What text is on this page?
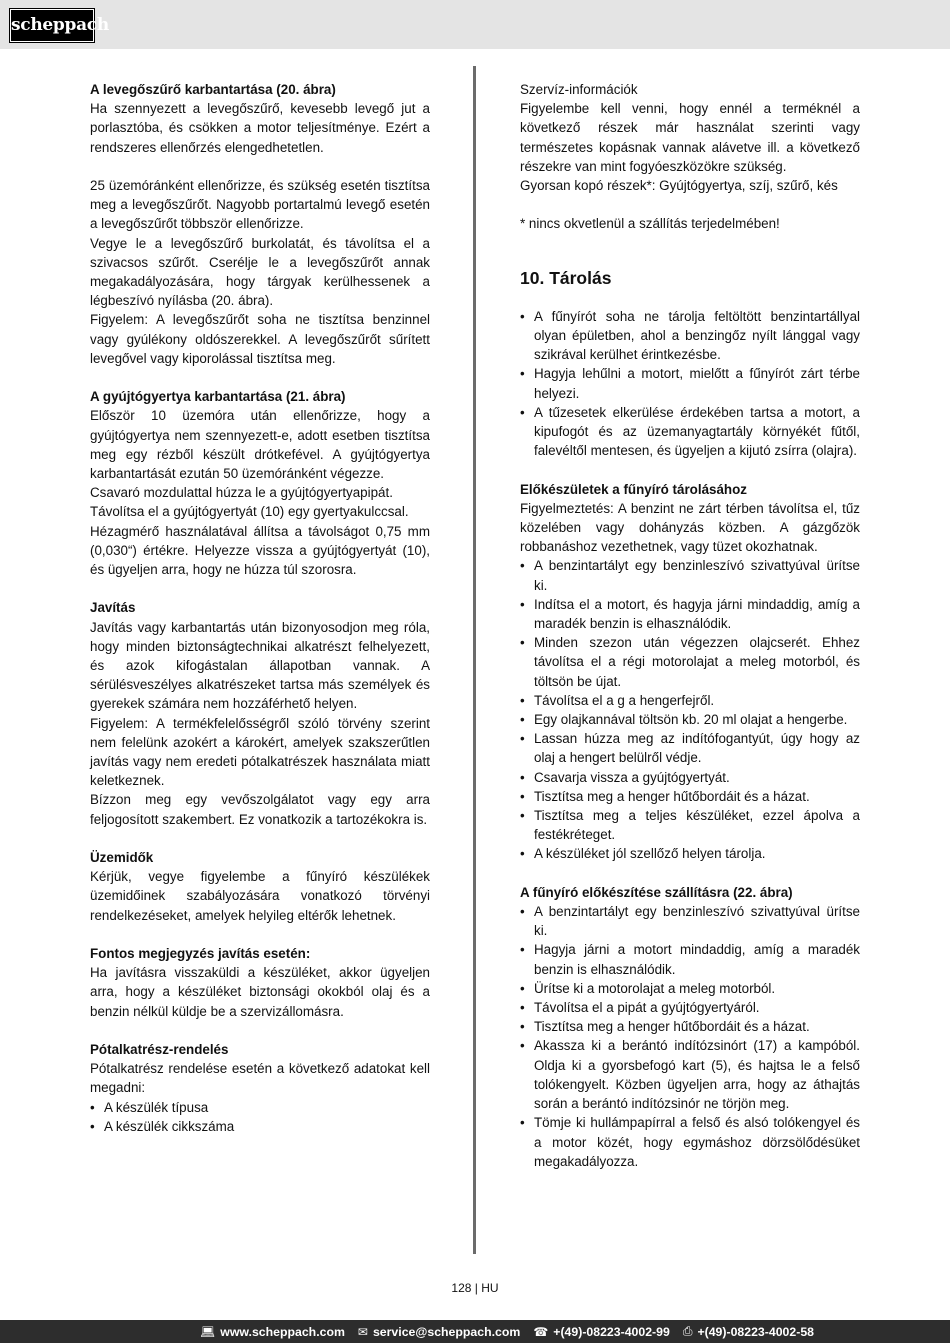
scheppach

A levegőszűrő karbantartása (20. ábra)

Ha szennyezett a levegőszűrő, kevesebb levegő jut a porlasztóba, és csökken a motor teljesítménye. Ezért a rendszeres ellenőrzés elengedhetetlen.

25 üzemóránként ellenőrizze, és szükség esetén tisztítsa meg a levegőszűrőt. Nagyobb portartalmú levegő esetén a levegőszűrőt többször ellenőrizze.

Vegye le a levegőszűrő burkolatát, és távolítsa el a szivacsos szűrőt. Cserélje le a levegőszűrőt annak megakadályozására, hogy tárgyak kerülhessenek a légbeszívó nyílásba (20. ábra).

Figyelem: A levegőszűrőt soha ne tisztítsa benzinnel vagy gyúlékony oldószerekkel. A levegőszűrőt sűrített levegővel vagy kiporolással tisztítsa meg.

A gyújtógyertya karbantartása (21. ábra)

Először 10 üzemóra után ellenőrizze, hogy a gyújtógyertya nem szennyezett-e, adott esetben tisztítsa meg egy rézből készült drótkefével. A gyújtógyertya karbantartását ezután 50 üzemóránként végezze.

Csavaró mozdulattal húzza le a gyújtógyertyapipát.

Távolítsa el a gyújtógyertyát (10) egy gyertyakulccsal.

Hézagmérő használatával állítsa a távolságot 0,75 mm (0,030“) értékre. Helyezze vissza a gyújtógyertyát (10), és ügyeljen arra, hogy ne húzza túl szorosra.

Javítás

Javítás vagy karbantartás után bizonyosodjon meg róla, hogy minden biztonságtechnikai alkatrészt felhelyezett, és azok kifogástalan állapotban vannak. A sérülésveszélyes alkatrészeket tartsa más személyek és gyerekek számára nem hozzáférhető helyen.

Figyelem: A termékfelelősségről szóló törvény szerint nem felelünk azokért a károkért, amelyek szakszerűtlen javítás vagy nem eredeti pótalkatrészek használata miatt keletkeznek.

Bízzon meg egy vevőszolgálatot vagy egy arra feljogosított szakembert. Ez vonatkozik a tartozékokra is.

Üzemidők

Kérjük, vegye figyelembe a fűnyíró készülékek üzemidőinek szabályozására vonatkozó törvényi rendelkezéseket, amelyek helyileg eltérők lehetnek.

Fontos megjegyzés javítás esetén:

Ha javításra visszaküldi a készüléket, akkor ügyeljen arra, hogy a készüléket biztonsági okokból olaj és a benzin nélkül küldje be a szervizállomásra.

Pótalkatrész-rendelés

Pótalkatrész rendelése esetén a következő adatokat kell megadni:

• A készülék típusa
• A készülék cikkszáma

Szervíz-információk

Figyelembe kell venni, hogy ennél a terméknél a következő részek már használat szerinti vagy természetes kopásnak vannak alávetve ill. a következő részekre van mint fogyóeszközökre szükség.

Gyorsan kopó részek*: Gyújtógyertya, szíj, szűrő, kés

* nincs okvetlenül a szállítás terjedelmében!

10. Tárolás

• A fűnyírót soha ne tárolja feltöltött benzintartállyal olyan épületben, ahol a benzingőz nyílt lánggal vagy szikrával kerülhet érintkezésbe.
• Hagyja lehűlni a motort, mielőtt a fűnyírót zárt térbe helyezi.
• A tűzesetek elkerülése érdekében tartsa a motort, a kipufogót és az üzemanyagtartály környékét fűtől, falevéltől mentesen, és ügyeljen a kijutó zsírra (olajra).

Előkészületek a fűnyíró tárolásához

Figyelmeztetés: A benzint ne zárt térben távolítsa el, tűz közelében vagy dohányzás közben. A gázgőzök robbanáshoz vezethetnek, vagy tüzet okozhatnak.

• A benzintartályt egy benzinleszívó szivattyúval ürítse ki.
• Indítsa el a motort, és hagyja járni mindaddig, amíg a maradék benzin is elhasználódik.
• Minden szezon után végezzen olajcserét. Ehhez távolítsa el a régi motorolajat a meleg motorból, és töltsön be újat.
• Távolítsa el a g a hengerfejről.
• Egy olajkannával töltsön kb. 20 ml olajat a hengerbe.
• Lassan húzza meg az indítófogantyút, úgy hogy az olaj a hengert belülről védje.
• Csavarja vissza a gyújtógyertyát.
• Tisztítsa meg a henger hűtőbordáit és a házat.
• Tisztítsa meg a teljes készüléket, ezzel ápolva a festékréteget.
• A készüléket jól szellőző helyen tárolja.

A fűnyíró előkészítése szállításra (22. ábra)

• A benzintartályt egy benzinleszívó szivattyúval ürítse ki.
• Hagyja járni a motort mindaddig, amíg a maradék benzin is elhasználódik.
• Ürítse ki a motorolajat a meleg motorból.
• Távolítsa el a pipát a gyújtógyertyáról.
• Tisztítsa meg a henger hűtőbordáit és a házat.
• Akassza ki a berántó indítózsinórt (17) a kampóból. Oldja ki a gyorsbefogó kart (5), és hajtsa le a felső tolókengyelt. Közben ügyeljen arra, hogy az áthajtás során a berántó indítózsinór ne törjön meg.
• Tömje ki hullámpapírral a felső és alsó tolókengyel és a motor közét, hogy egymáshoz dörzsölődésüket megakadályozza.
128 | HU
💻︎ www.scheppach.com ✉ service@scheppach.com ☎ +(49)-08223-4002-99 ⎙ +(49)-08223-4002-58
